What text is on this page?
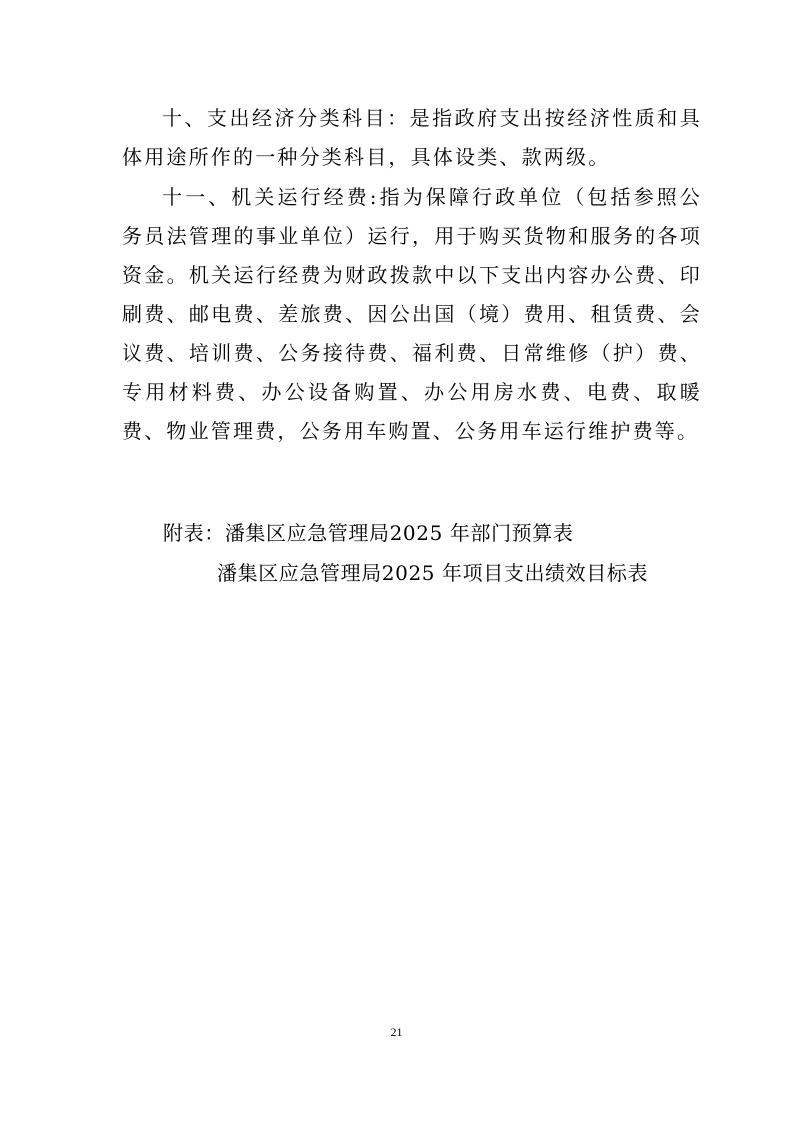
十、支出经济分类科目：是指政府支出按经济性质和具体用途所作的一种分类科目，具体设类、款两级。

十一、机关运行经费:指为保障行政单位（包括参照公务员法管理的事业单位）运行，用于购买货物和服务的各项资金。机关运行经费为财政拨款中以下支出内容办公费、印刷费、邮电费、差旅费、因公出国（境）费用、租赁费、会议费、培训费、公务接待费、福利费、日常维修（护）费、专用材料费、办公设备购置、办公用房水费、电费、取暖费、物业管理费，公务用车购置、公务用车运行维护费等。

附表：潘集区应急管理局2025 年部门预算表
潘集区应急管理局2025 年项目支出绩效目标表
21
